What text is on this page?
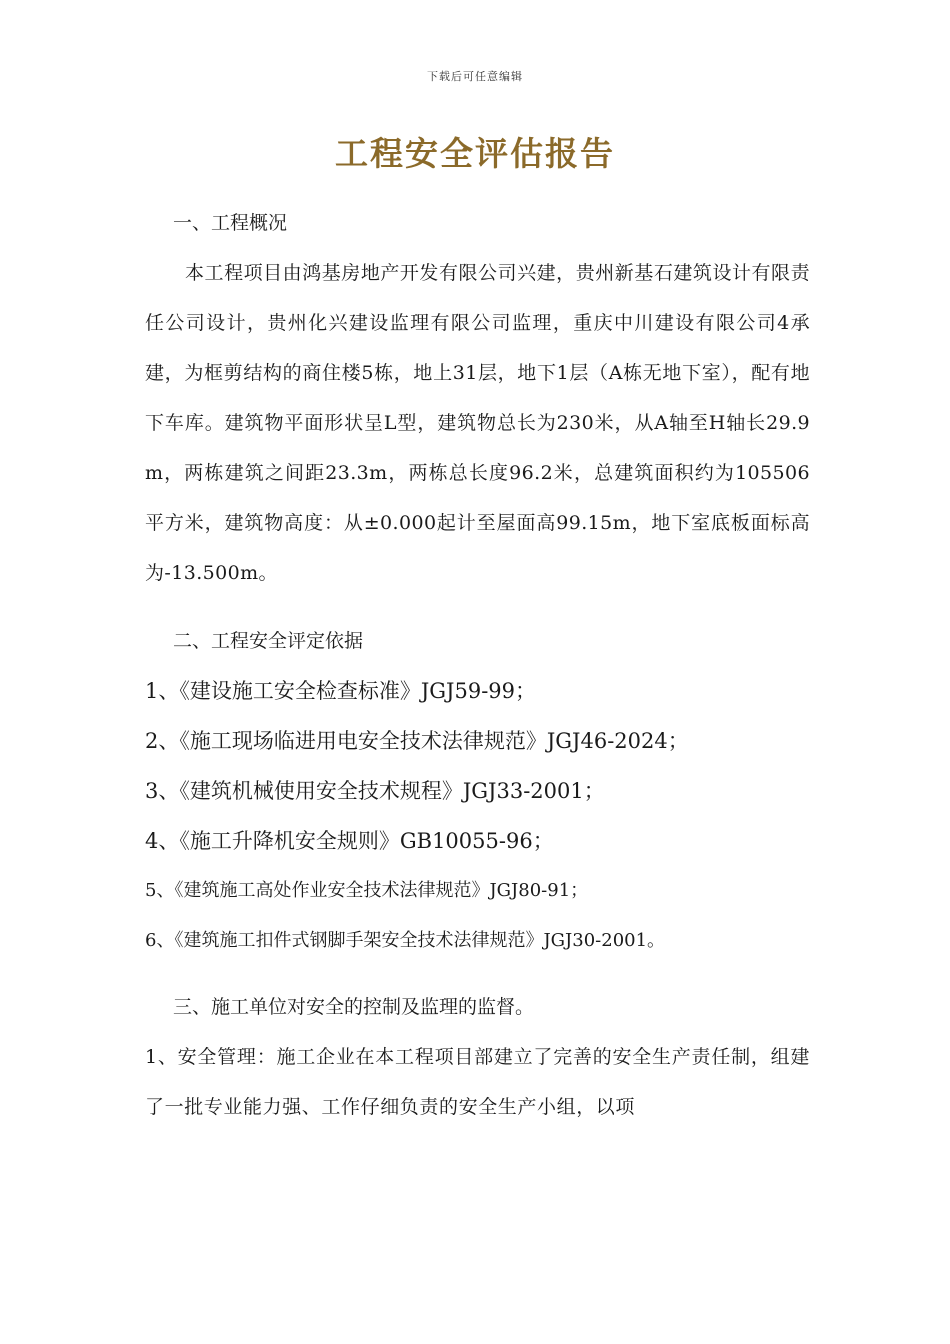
下载后可任意编辑
工程安全评估报告
一、工程概况
本工程项目由鸿基房地产开发有限公司兴建，贵州新基石建筑设计有限责任公司设计，贵州化兴建设监理有限公司监理，重庆中川建设有限公司4承建，为框剪结构的商住楼5栋，地上31层，地下1层（A栋无地下室），配有地下车库。建筑物平面形状呈L型，建筑物总长为230米，从A轴至H轴长29.9m，两栋建筑之间距23.3m，两栋总长度96.2米，总建筑面积约为105506平方米，建筑物高度：从±0.000起计至屋面高99.15m，地下室底板面标高为-13.500m。
二、工程安全评定依据
1、《建设施工安全检查标准》JGJ59-99；
2、《施工现场临进用电安全技术法律规范》JGJ46-2024；
3、《建筑机械使用安全技术规程》JGJ33-2001；
4、《施工升降机安全规则》GB10055-96；
5、《建筑施工高处作业安全技术法律规范》JGJ80-91；
6、《建筑施工扣件式钢脚手架安全技术法律规范》JGJ30-2001。
三、施工单位对安全的控制及监理的监督。
1、安全管理：施工企业在本工程项目部建立了完善的安全生产责任制，组建了一批专业能力强、工作仔细负责的安全生产小组，以项
